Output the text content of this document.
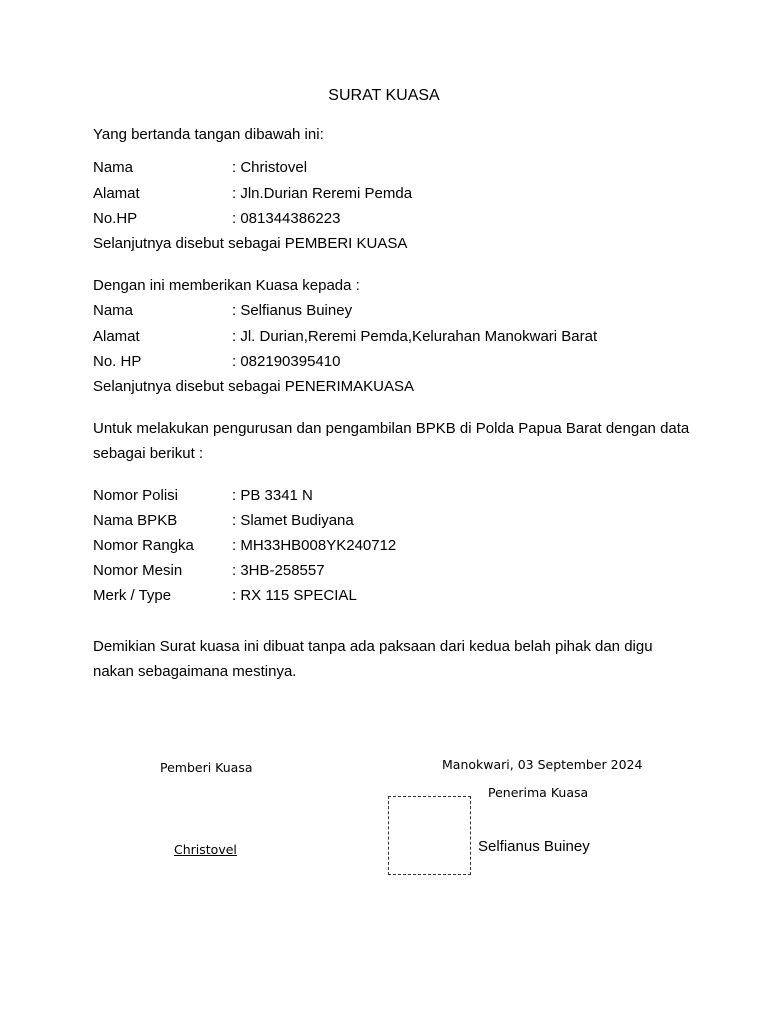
SURAT KUASA
Yang bertanda tangan dibawah ini:
Nama	: Christovel
Alamat	: Jln.Durian Reremi Pemda
No.HP	: 081344386223
Selanjutnya disebut sebagai PEMBERI KUASA
Dengan ini memberikan Kuasa kepada :
Nama	: Selfianus Buiney
Alamat	: Jl. Durian,Reremi Pemda,Kelurahan Manokwari Barat
No. HP	: 082190395410
Selanjutnya disebut sebagai PENERIMAKUASA
Untuk melakukan pengurusan dan pengambilan BPKB di Polda Papua Barat dengan data sebagai berikut :
Nomor Polisi	: PB 3341 N
Nama BPKB	: Slamet Budiyana
Nomor Rangka	: MH33HB008YK240712
Nomor Mesin	: 3HB-258557
Merk / Type	: RX 115 SPECIAL
Demikian Surat kuasa ini dibuat tanpa ada paksaan dari kedua belah pihak dan digu nakan sebagaimana mestinya.
Pemberi Kuasa
Christovel
Manokwari, 03 September 2024
Penerima Kuasa
Selfianus Buiney
